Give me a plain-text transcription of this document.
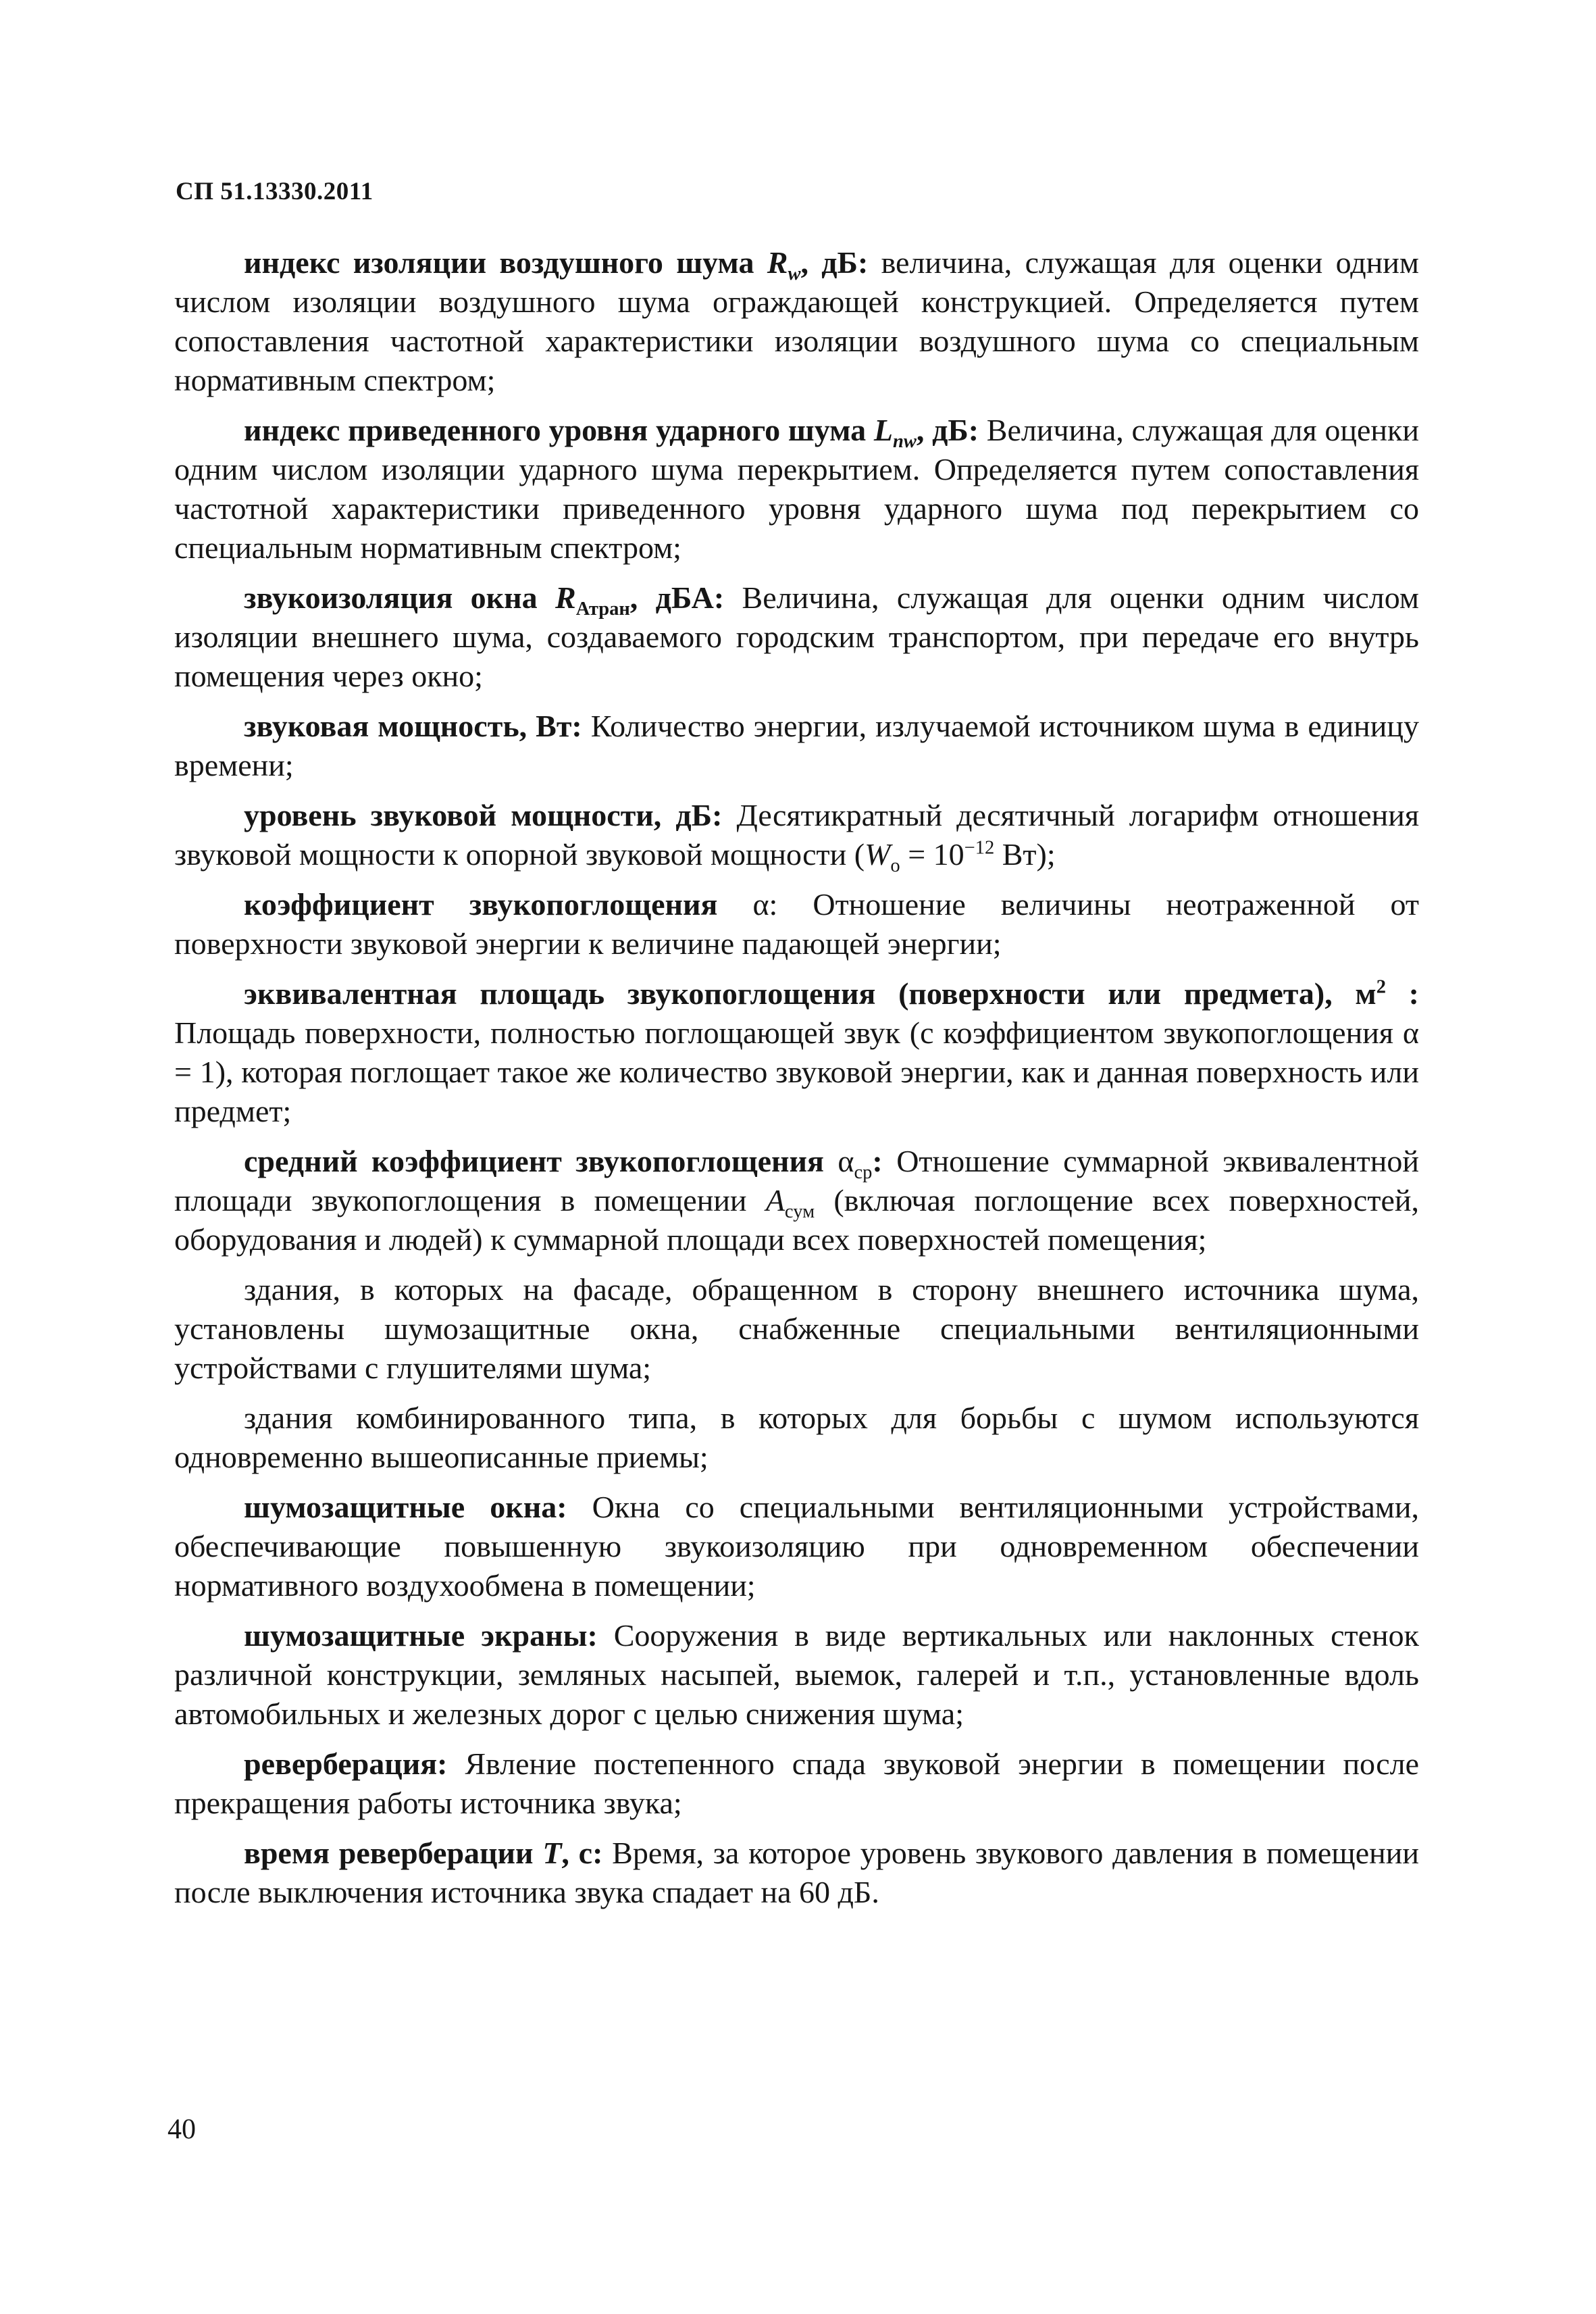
СП 51.13330.2011

индекс изоляции воздушного шума $R_w$, дБ: величина, служащая для оценки одним числом изоляции воздушного шума ограждающей конструкцией. Определяется путем сопоставления частотной характеристики изоляции воздушного шума со специальным нормативным спектром;

индекс приведенного уровня ударного шума $L_{nw}$, дБ: Величина, служащая для оценки одним числом изоляции ударного шума перекрытием. Определяется путем сопоставления частотной характеристики приведенного уровня ударного шума под перекрытием со специальным нормативным спектром;

звукоизоляция окна $R_{Атран}$, дБА: Величина, служащая для оценки одним числом изоляции внешнего шума, создаваемого городским транспортом, при передаче его внутрь помещения через окно;

звуковая мощность, Вт: Количество энергии, излучаемой источником шума в единицу времени;

уровень звуковой мощности, дБ: Десятикратный десятичный логарифм отношения звуковой мощности к опорной звуковой мощности ($W_о = 10^{-12}$ Вт);

коэффициент звукопоглощения α: Отношение величины неотраженной от поверхности звуковой энергии к величине падающей энергии;

эквивалентная площадь звукопоглощения (поверхности или предмета), $м^2$ : Площадь поверхности, полностью поглощающей звук (с коэффициентом звукопоглощения α = 1), которая поглощает такое же количество звуковой энергии, как и данная поверхность или предмет;

средний коэффициент звукопоглощения $\alpha_{ср}$: Отношение суммарной эквивалентной площади звукопоглощения в помещении $A_{сум}$ (включая поглощение всех поверхностей, оборудования и людей) к суммарной площади всех поверхностей помещения;

здания, в которых на фасаде, обращенном в сторону внешнего источника шума, установлены шумозащитные окна, снабженные специальными вентиляционными устройствами с глушителями шума;

здания комбинированного типа, в которых для борьбы с шумом используются одновременно вышеописанные приемы;

шумозащитные окна: Окна со специальными вентиляционными устройствами, обеспечивающие повышенную звукоизоляцию при одновременном обеспечении нормативного воздухообмена в помещении;

шумозащитные экраны: Сооружения в виде вертикальных или наклонных стенок различной конструкции, земляных насыпей, выемок, галерей и т.п., установленные вдоль автомобильных и железных дорог с целью снижения шума;

реверберация: Явление постепенного спада звуковой энергии в помещении после прекращения работы источника звука;

время реверберации T, с: Время, за которое уровень звукового давления в помещении после выключения источника звука спадает на 60 дБ.

40
